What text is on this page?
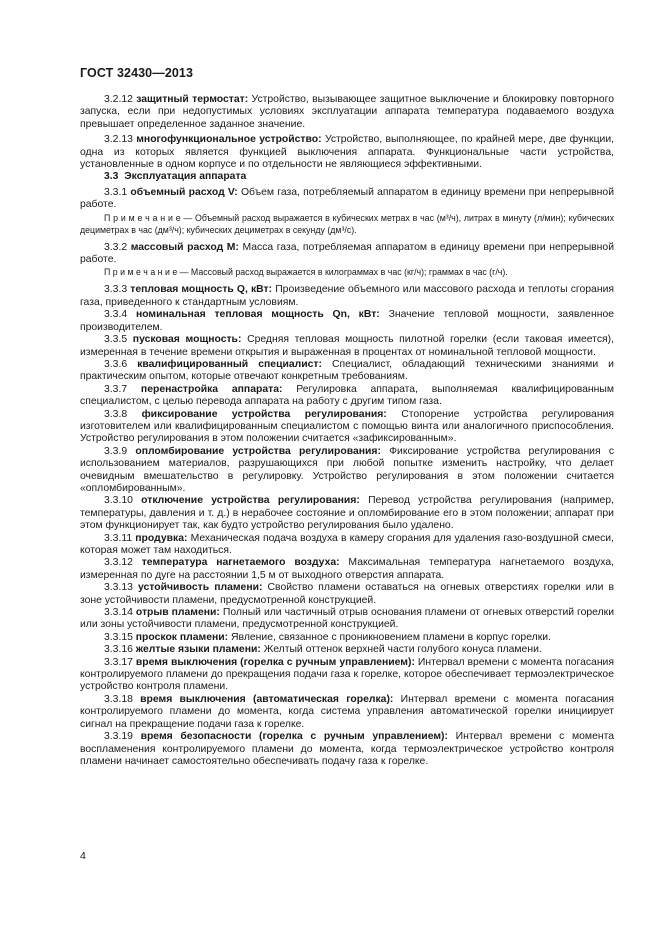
ГОСТ 32430—2013

3.2.12 защитный термостат: Устройство, вызывающее защитное выключение и блокировку повторного запуска, если при недопустимых условиях эксплуатации аппарата температура подаваемого воздуха превышает определенное заданное значение.

3.2.13 многофункциональное устройство: Устройство, выполняющее, по крайней мере, две функции, одна из которых является функцией выключения аппарата. Функциональные части устройства, установленные в одном корпусе и по отдельности не являющиеся эффективными.

3.3 Эксплуатация аппарата

3.3.1 объемный расход V: Объем газа, потребляемый аппаратом в единицу времени при непрерывной работе.

П р и м е ч а н и е — Объемный расход выражается в кубических метрах в час (м³/ч), литрах в минуту (л/мин); кубических дециметрах в час (дм³/ч); кубических дециметрах в секунду (дм³/с).

3.3.2 массовый расход M: Масса газа, потребляемая аппаратом в единицу времени при непрерывной работе.

П р и м е ч а н и е — Массовый расход выражается в килограммах в час (кг/ч); граммах в час (г/ч).

3.3.3 тепловая мощность Q, кВт: Произведение объемного или массового расхода и теплоты сгорания газа, приведенного к стандартным условиям.

3.3.4 номинальная тепловая мощность Qn, кВт: Значение тепловой мощности, заявленное производителем.

3.3.5 пусковая мощность: Средняя тепловая мощность пилотной горелки (если таковая имеется), измеренная в течение времени открытия и выраженная в процентах от номинальной тепловой мощности.

3.3.6 квалифицированный специалист: Специалист, обладающий техническими знаниями и практическим опытом, которые отвечают конкретным требованиям.

3.3.7 перенастройка аппарата: Регулировка аппарата, выполняемая квалифицированным специалистом, с целью перевода аппарата на работу с другим типом газа.

3.3.8 фиксирование устройства регулирования: Стопорение устройства регулирования изготовителем или квалифицированным специалистом с помощью винта или аналогичного приспособления. Устройство регулирования в этом положении считается «зафиксированным».

3.3.9 опломбирование устройства регулирования: Фиксирование устройства регулирования с использованием материалов, разрушающихся при любой попытке изменить настройку, что делает очевидным вмешательство в регулировку. Устройство регулирования в этом положении считается «опломбированным».

3.3.10 отключение устройства регулирования: Перевод устройства регулирования (например, температуры, давления и т. д.) в нерабочее состояние и опломбирование его в этом положении; аппарат при этом функционирует так, как будто устройство регулирования было удалено.

3.3.11 продувка: Механическая подача воздуха в камеру сгорания для удаления газо-воздушной смеси, которая может там находиться.

3.3.12 температура нагнетаемого воздуха: Максимальная температура нагнетаемого воздуха, измеренная по дуге на расстоянии 1,5 м от выходного отверстия аппарата.

3.3.13 устойчивость пламени: Свойство пламени оставаться на огневых отверстиях горелки или в зоне устойчивости пламени, предусмотренной конструкцией.

3.3.14 отрыв пламени: Полный или частичный отрыв основания пламени от огневых отверстий горелки или зоны устойчивости пламени, предусмотренной конструкцией.

3.3.15 проскок пламени: Явление, связанное с проникновением пламени в корпус горелки.

3.3.16 желтые языки пламени: Желтый оттенок верхней части голубого конуса пламени.

3.3.17 время выключения (горелка с ручным управлением): Интервал времени с момента погасания контролируемого пламени до прекращения подачи газа к горелке, которое обеспечивает термоэлектрическое устройство контроля пламени.

3.3.18 время выключения (автоматическая горелка): Интервал времени с момента погасания контролируемого пламени до момента, когда система управления автоматической горелки инициирует сигнал на прекращение подачи газа к горелке.

3.3.19 время безопасности (горелка с ручным управлением): Интервал времени с момента воспламенения контролируемого пламени до момента, когда термоэлектрическое устройство контроля пламени начинает самостоятельно обеспечивать подачу газа к горелке.

4
